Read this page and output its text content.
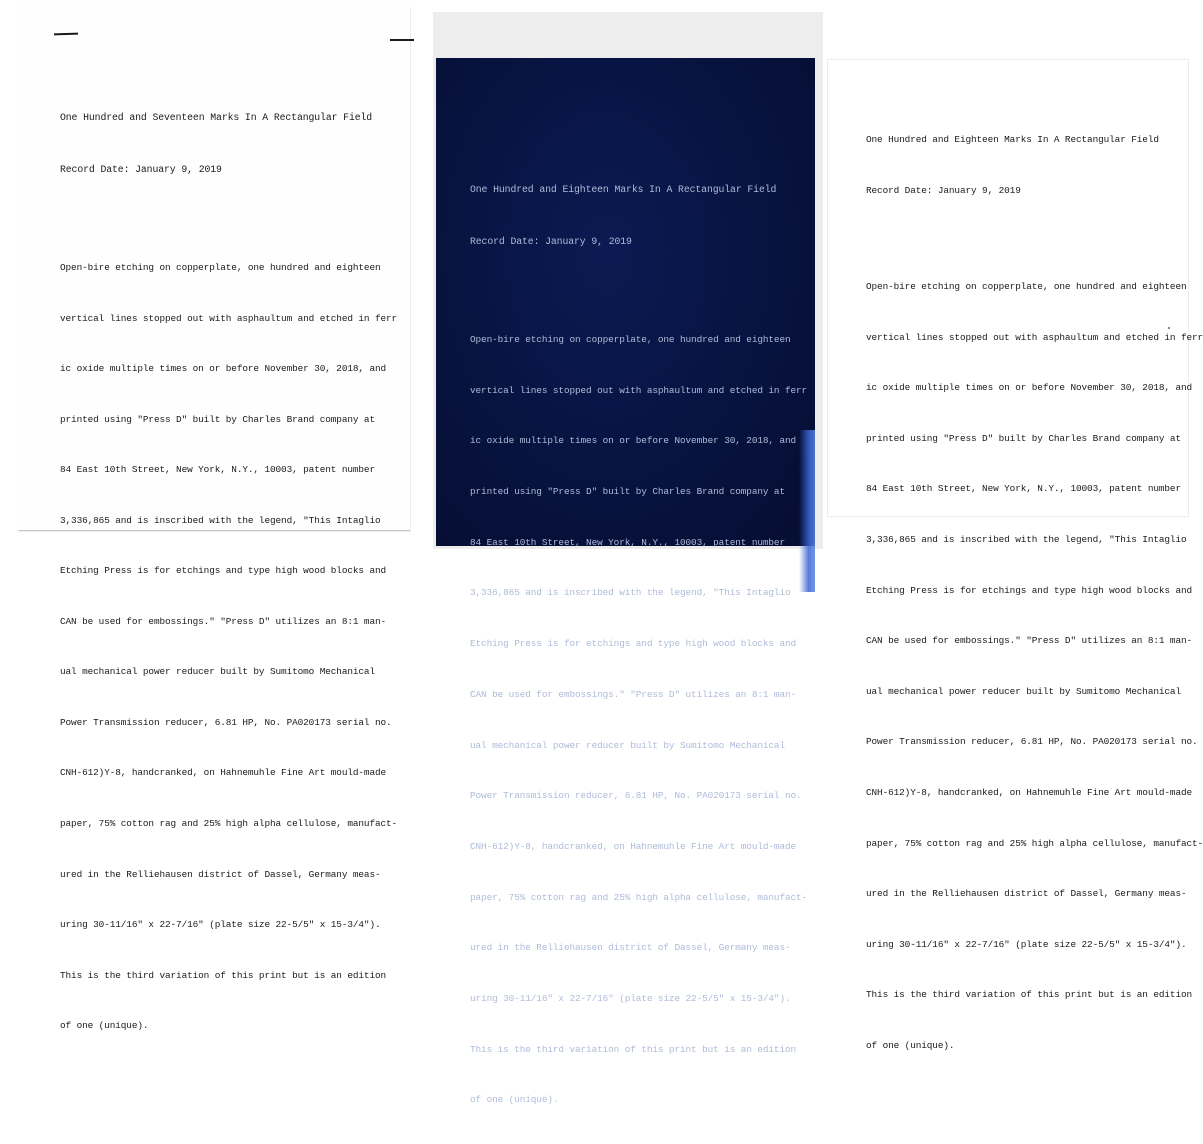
One Hundred and Seventeen Marks In A Rectangular Field

Record Date: January 9, 2019

Open-bire etching on copperplate, one hundred and eighteen

vertical lines stopped out with asphaultum and etched in ferr

ic oxide multiple times on or before November 30, 2018, and

printed using "Press D" built by Charles Brand company at

84 East 10th Street, New York, N.Y., 10003, patent number

3,336,865 and is inscribed with the legend, "This Intaglio

Etching Press is for etchings and type high wood blocks and

CAN be used for embossings." "Press D" utilizes an 8:1 man-

ual mechanical power reducer built by Sumitomo Mechanical

Power Transmission reducer, 6.81 HP, No. PA020173 serial no.

CNH-612)Y-8, handcranked, on Hahnemuhle Fine Art mould-made

paper, 75% cotton rag and 25% high alpha cellulose, manufact-

ured in the Relliehausen district of Dassel, Germany meas-

uring 30-11/16" x 22-7/16" (plate size 22-5/5" x 15-3/4").

This is the third variation of this print but is an edition

of one (unique).

One Hundred and Eighteen Marks In A Rectangular Field

Record Date: January 9, 2019

Open-bire etching on copperplate, one hundred and eighteen

vertical lines stopped out with asphaultum and etched in ferr

ic oxide multiple times on or before November 30, 2018, and

printed using "Press D" built by Charles Brand company at

84 East 10th Street, New York, N.Y., 10003, patent number

3,336,865 and is inscribed with the legend, "This Intaglio

Etching Press is for etchings and type high wood blocks and

CAN be used for embossings." "Press D" utilizes an 8:1 man-

ual mechanical power reducer built by Sumitomo Mechanical

Power Transmission reducer, 6.81 HP, No. PA020173 serial no.

CNH-612)Y-8, handcranked, on Hahnemuhle Fine Art mould-made

paper, 75% cotton rag and 25% high alpha cellulose, manufact-

ured in the Relliehausen district of Dassel, Germany meas-

uring 30-11/16" x 22-7/16" (plate size 22-5/5" x 15-3/4").

This is the third variation of this print but is an edition

of one (unique).

One Hundred and Eighteen Marks In A Rectangular Field

Record Date: January 9, 2019

Open-bire etching on copperplate, one hundred and eighteen

vertical lines stopped out with asphaultum and etched in ferr

ic oxide multiple times on or before November 30, 2018, and

printed using "Press D" built by Charles Brand company at

84 East 10th Street, New York, N.Y., 10003, patent number

3,336,865 and is inscribed with the legend, "This Intaglio

Etching Press is for etchings and type high wood blocks and

CAN be used for embossings." "Press D" utilizes an 8:1 man-

ual mechanical power reducer built by Sumitomo Mechanical

Power Transmission reducer, 6.81 HP, No. PA020173 serial no.

CNH-612)Y-8, handcranked, on Hahnemuhle Fine Art mould-made

paper, 75% cotton rag and 25% high alpha cellulose, manufact-

ured in the Relliehausen district of Dassel, Germany meas-

uring 30-11/16" x 22-7/16" (plate size 22-5/5" x 15-3/4").

This is the third variation of this print but is an edition

of one (unique).
